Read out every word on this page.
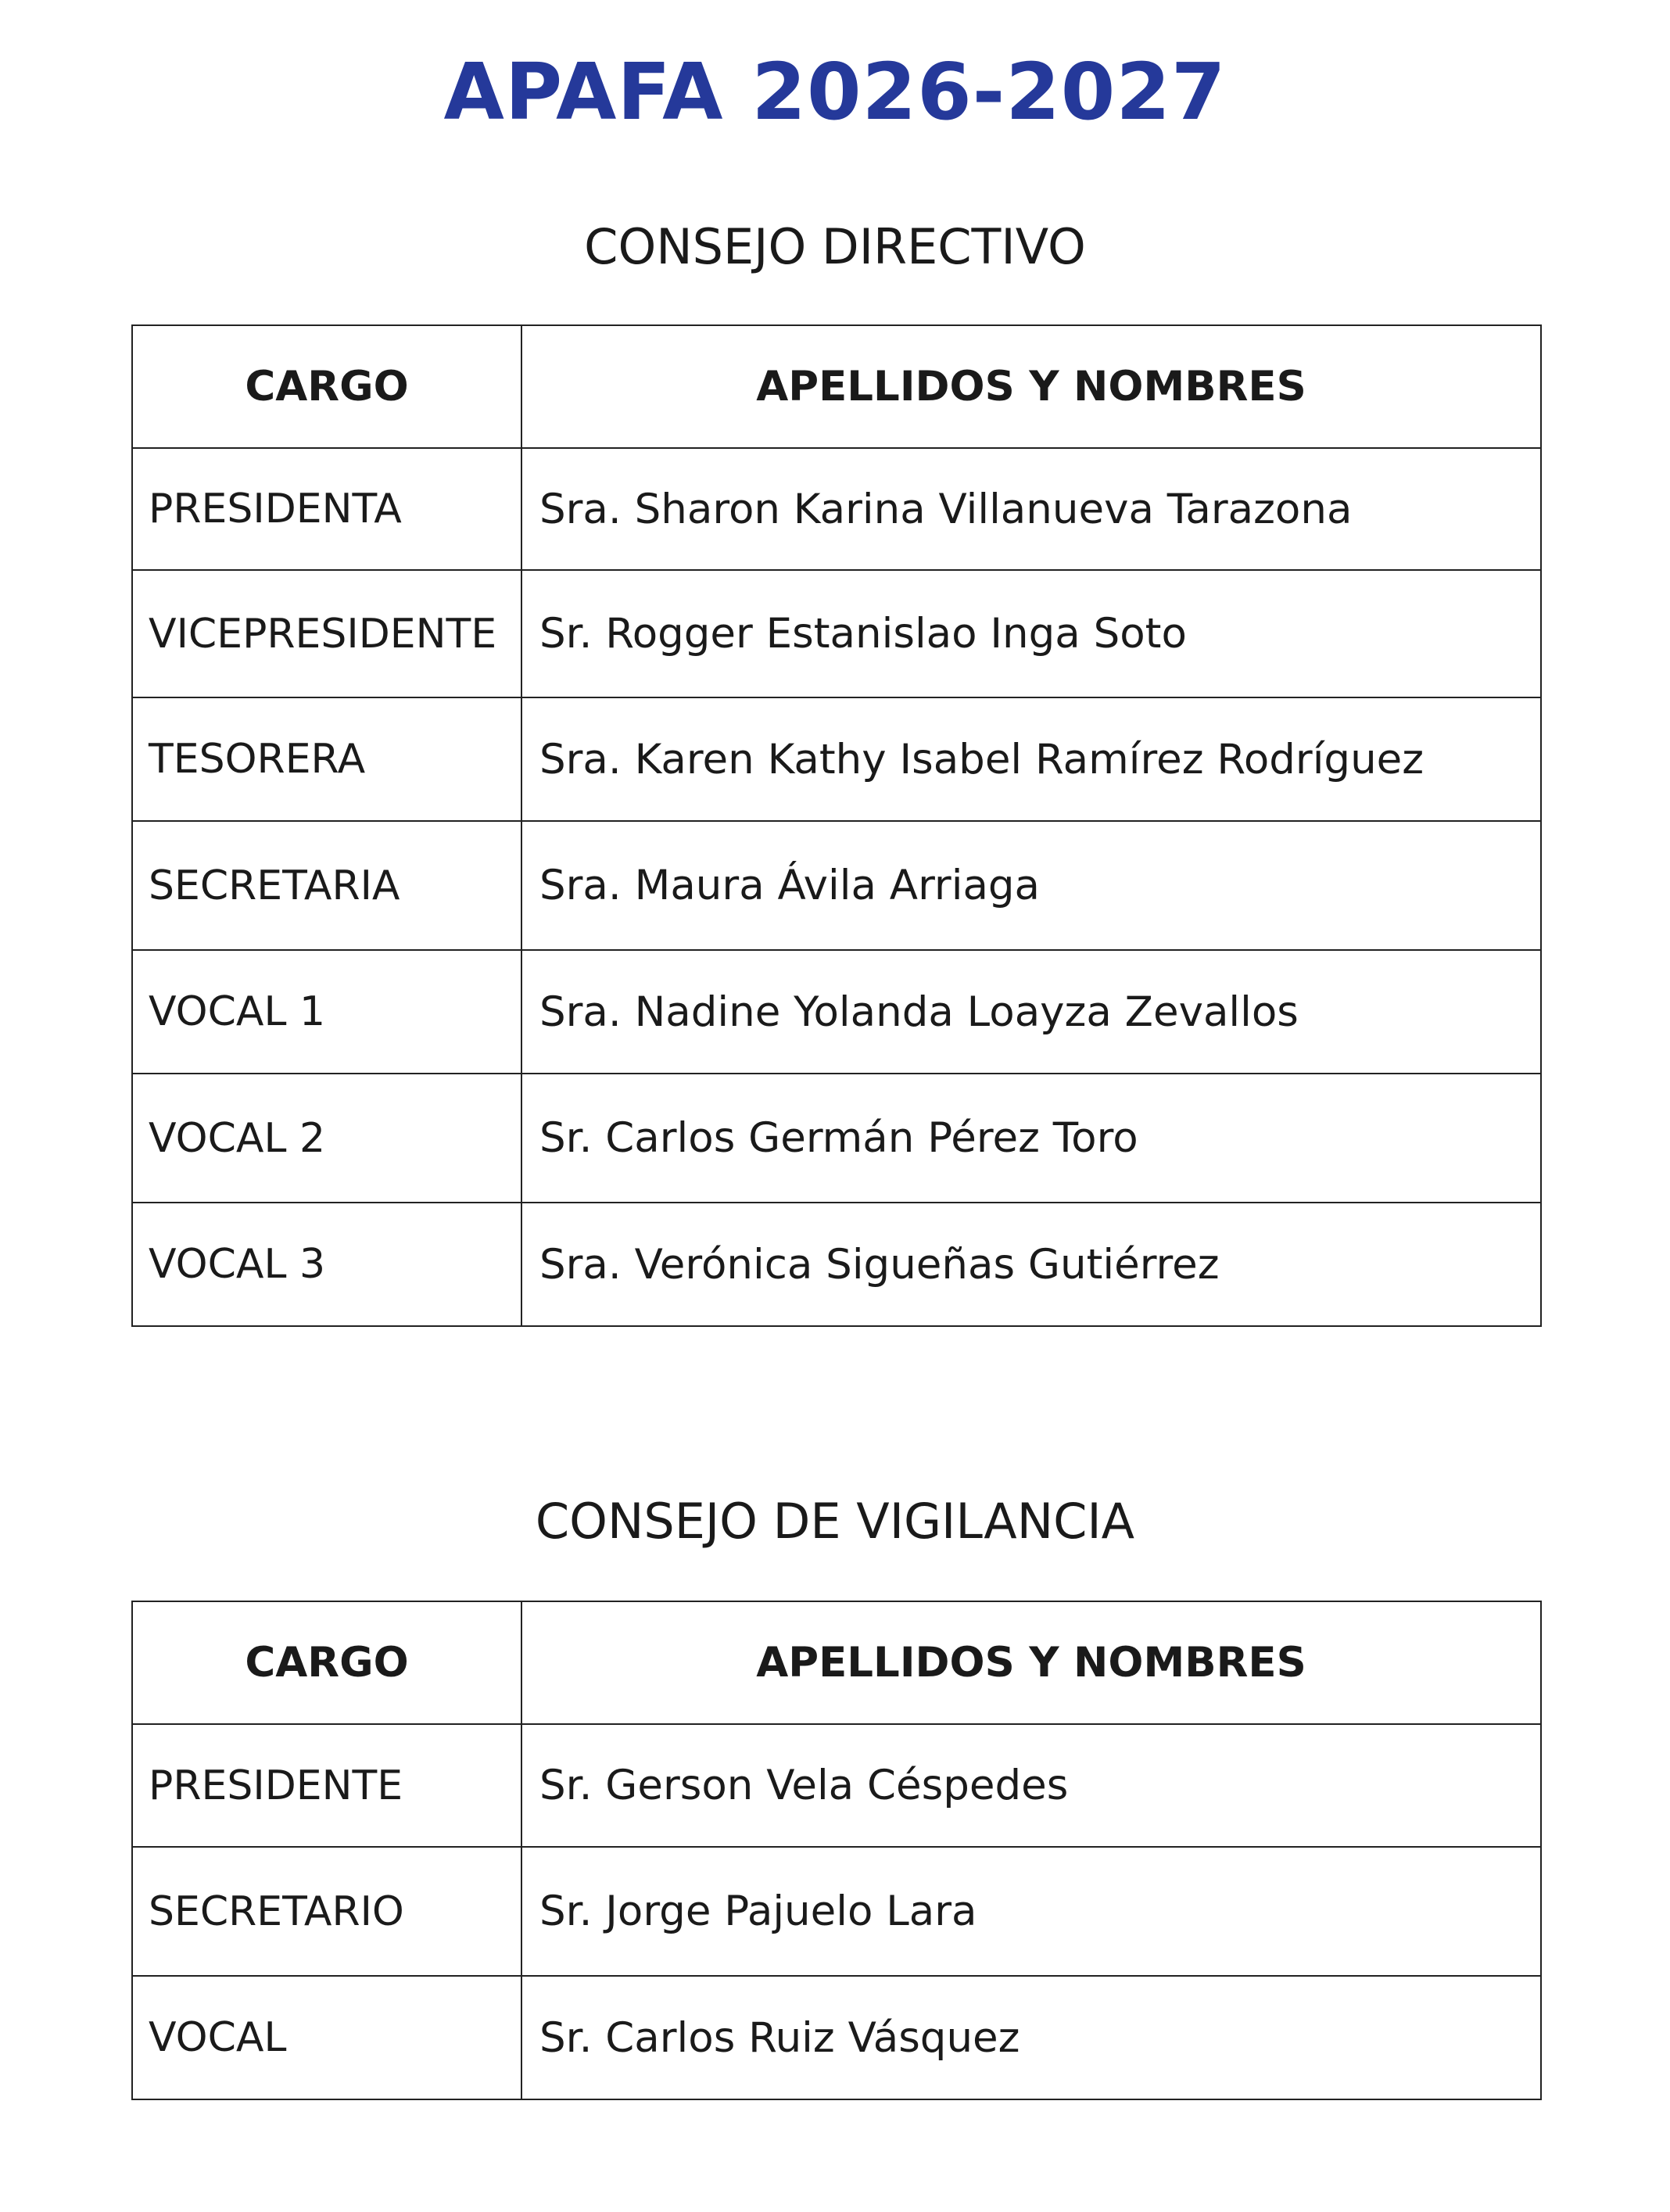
APAFA 2026-2027
CONSEJO DIRECTIVO
CARGO	APELLIDOS Y NOMBRES
PRESIDENTA	Sra. Sharon Karina Villanueva Tarazona
VICEPRESIDENTE	Sr. Rogger Estanislao Inga Soto
TESORERA	Sra. Karen Kathy Isabel Ramírez Rodríguez
SECRETARIA	Sra. Maura Ávila Arriaga
VOCAL 1	Sra. Nadine Yolanda Loayza Zevallos
VOCAL 2	Sr. Carlos Germán Pérez Toro
VOCAL 3	Sra. Verónica Sigueñas Gutiérrez
CONSEJO DE VIGILANCIA
CARGO	APELLIDOS Y NOMBRES
PRESIDENTE	Sr. Gerson Vela Céspedes
SECRETARIO	Sr. Jorge Pajuelo Lara
VOCAL	Sr. Carlos Ruiz Vásquez
